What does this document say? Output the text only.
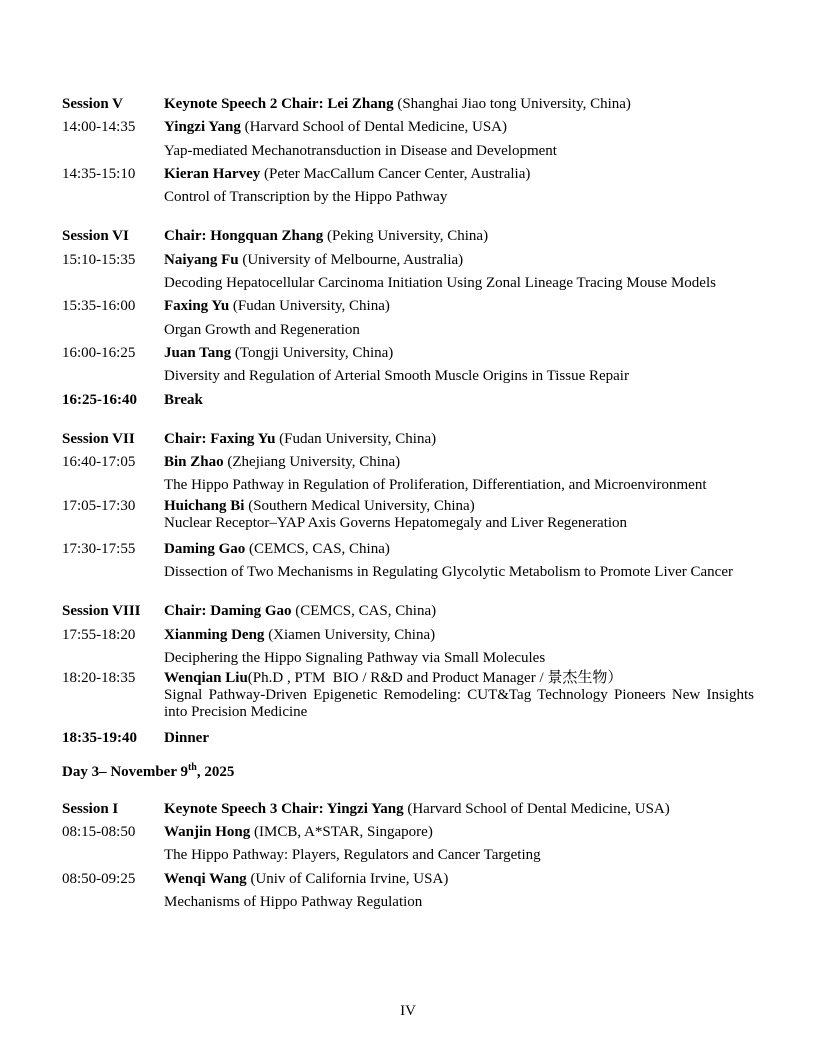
Session V	Keynote Speech 2 Chair: Lei Zhang (Shanghai Jiao tong University, China)
14:00-14:35	Yingzi Yang (Harvard School of Dental Medicine, USA)
Yap-mediated Mechanotransduction in Disease and Development
14:35-15:10	Kieran Harvey (Peter MacCallum Cancer Center, Australia)
Control of Transcription by the Hippo Pathway
Session VI	Chair: Hongquan Zhang (Peking University, China)
15:10-15:35	Naiyang Fu (University of Melbourne, Australia)
Decoding Hepatocellular Carcinoma Initiation Using Zonal Lineage Tracing Mouse Models
15:35-16:00	Faxing Yu (Fudan University, China)
Organ Growth and Regeneration
16:00-16:25	Juan Tang (Tongji University, China)
Diversity and Regulation of Arterial Smooth Muscle Origins in Tissue Repair
16:25-16:40	Break
Session VII	Chair: Faxing Yu (Fudan University, China)
16:40-17:05	Bin Zhao (Zhejiang University, China)
The Hippo Pathway in Regulation of Proliferation, Differentiation, and Microenvironment
17:05-17:30	Huichang Bi (Southern Medical University, China)
Nuclear Receptor–YAP Axis Governs Hepatomegaly and Liver Regeneration
17:30-17:55	Daming Gao (CEMCS, CAS, China)
Dissection of Two Mechanisms in Regulating Glycolytic Metabolism to Promote Liver Cancer
Session VIII	Chair: Daming Gao (CEMCS, CAS, China)
17:55-18:20	Xianming Deng (Xiamen University, China)
Deciphering the Hippo Signaling Pathway via Small Molecules
18:20-18:35	Wenqian Liu(Ph.D , PTM  BIO / R&D and Product Manager / 景杰生物）
Signal Pathway-Driven Epigenetic Remodeling: CUT&Tag Technology Pioneers New Insights into Precision Medicine
18:35-19:40	Dinner
Day 3– November 9th, 2025
Session I	Keynote Speech 3 Chair: Yingzi Yang (Harvard School of Dental Medicine, USA)
08:15-08:50	Wanjin Hong (IMCB, A*STAR, Singapore)
The Hippo Pathway: Players, Regulators and Cancer Targeting
08:50-09:25	Wenqi Wang (Univ of California Irvine, USA)
Mechanisms of Hippo Pathway Regulation
IV
